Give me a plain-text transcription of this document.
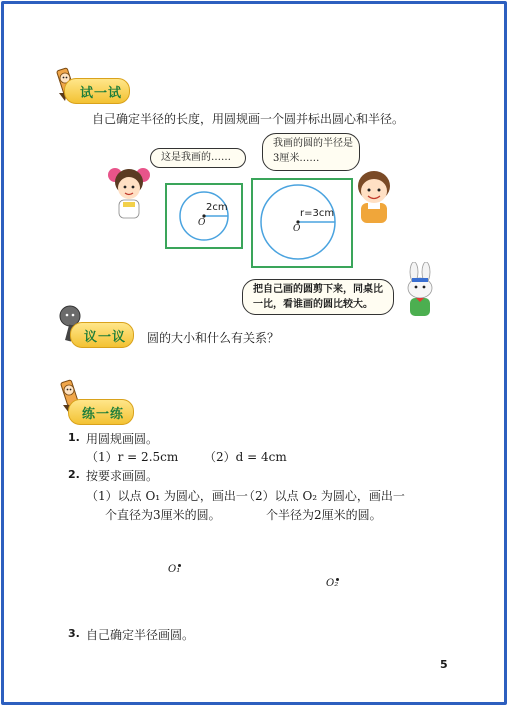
试一试
自己确定半径的长度，用圆规画一个圆并标出圆心和半径。
这是我画的……
2cm
O
我画的圆的半径是3厘米……
r=3cm
O
把自己画的圆剪下来，同桌比一比，看谁画的圆比较大。
议一议 圆的大小和什么有关系？
练一练
1. 用圆规画圆。
（1）r = 2.5cm （2）d = 4cm
2. 按要求画圆。
（1）以点 O₁ 为圆心，画出一
个直径为3厘米的圆。
（2）以点 O₂ 为圆心，画出一
个半径为2厘米的圆。
O₁
O₂
3. 自己确定半径画圆。
5
